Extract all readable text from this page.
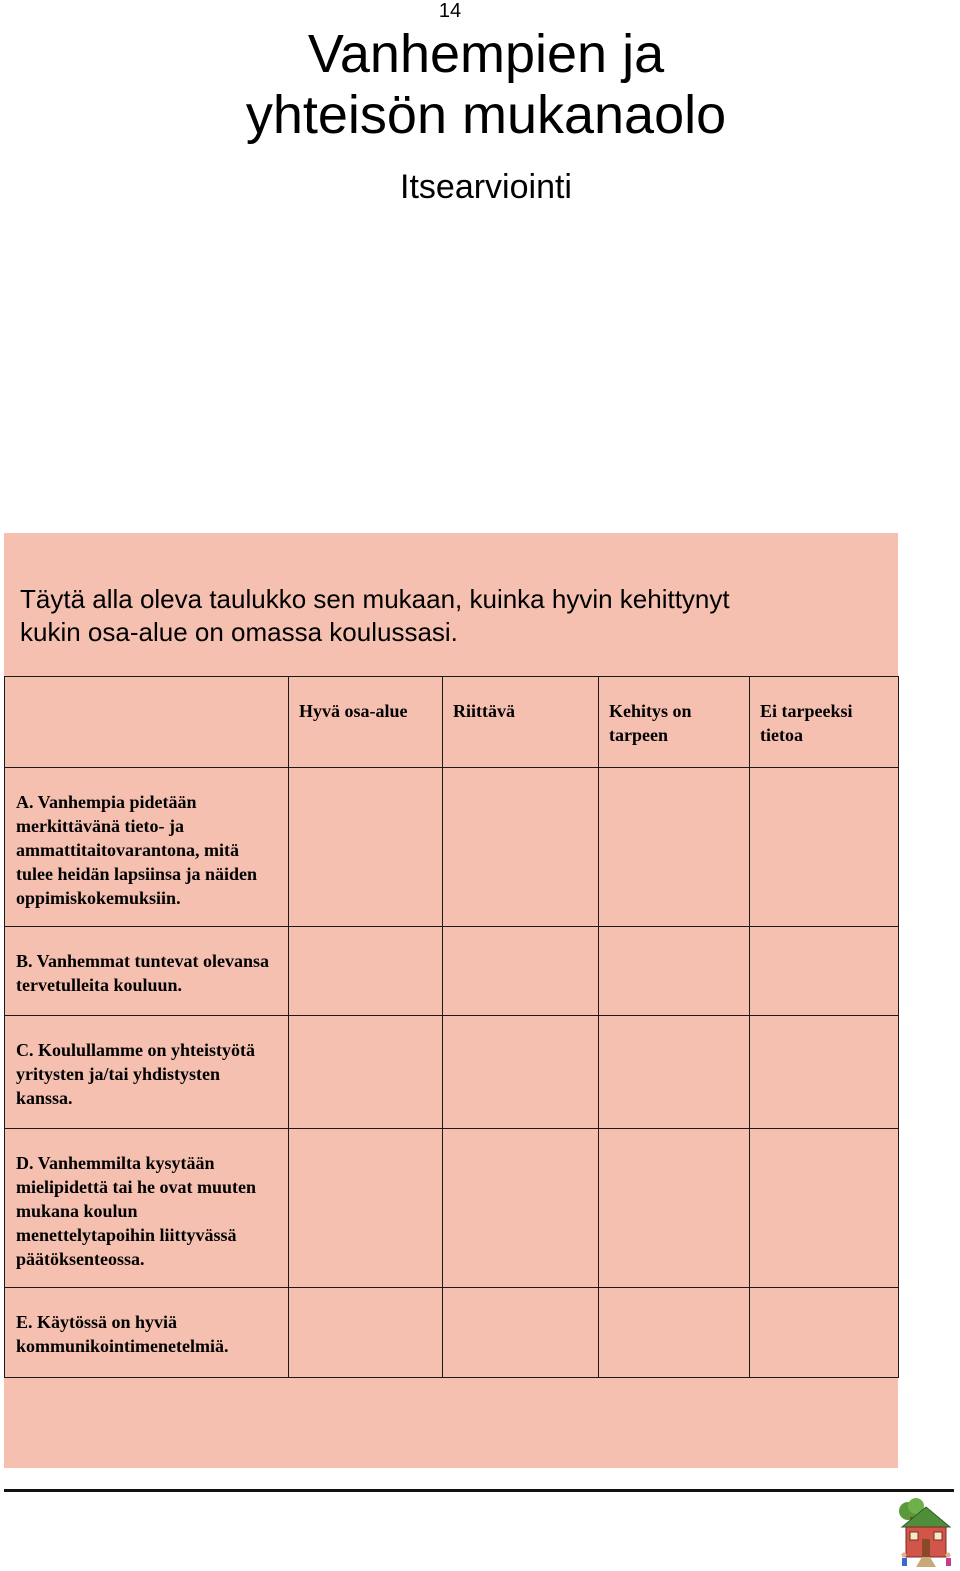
14
Vanhempien ja
yhteisön mukanaolo
Itsearviointi
Täytä alla oleva taulukko sen mukaan, kuinka hyvin kehittynyt
kukin osa-alue on omassa koulussasi.

	Hyvä osa-alue	Riittävä	Kehitys on tarpeen	Ei tarpeeksi tietoa

A. Vanhempia pidetään merkittävänä tieto- ja ammattitaitovarantona, mitä tulee heidän lapsiinsa ja näiden oppimiskokemuksiin.				

B. Vanhemmat tuntevat olevansa tervetulleita kouluun.				

C. Koulullamme on yhteistyötä yritysten ja/tai yhdistysten kanssa.				

D. Vanhemmilta kysytään mielipidettä tai he ovat muuten mukana koulun menettelytapoihin liittyvässä päätöksenteossa.				

E. Käytössä on hyviä kommunikointimenetelmiä.				
